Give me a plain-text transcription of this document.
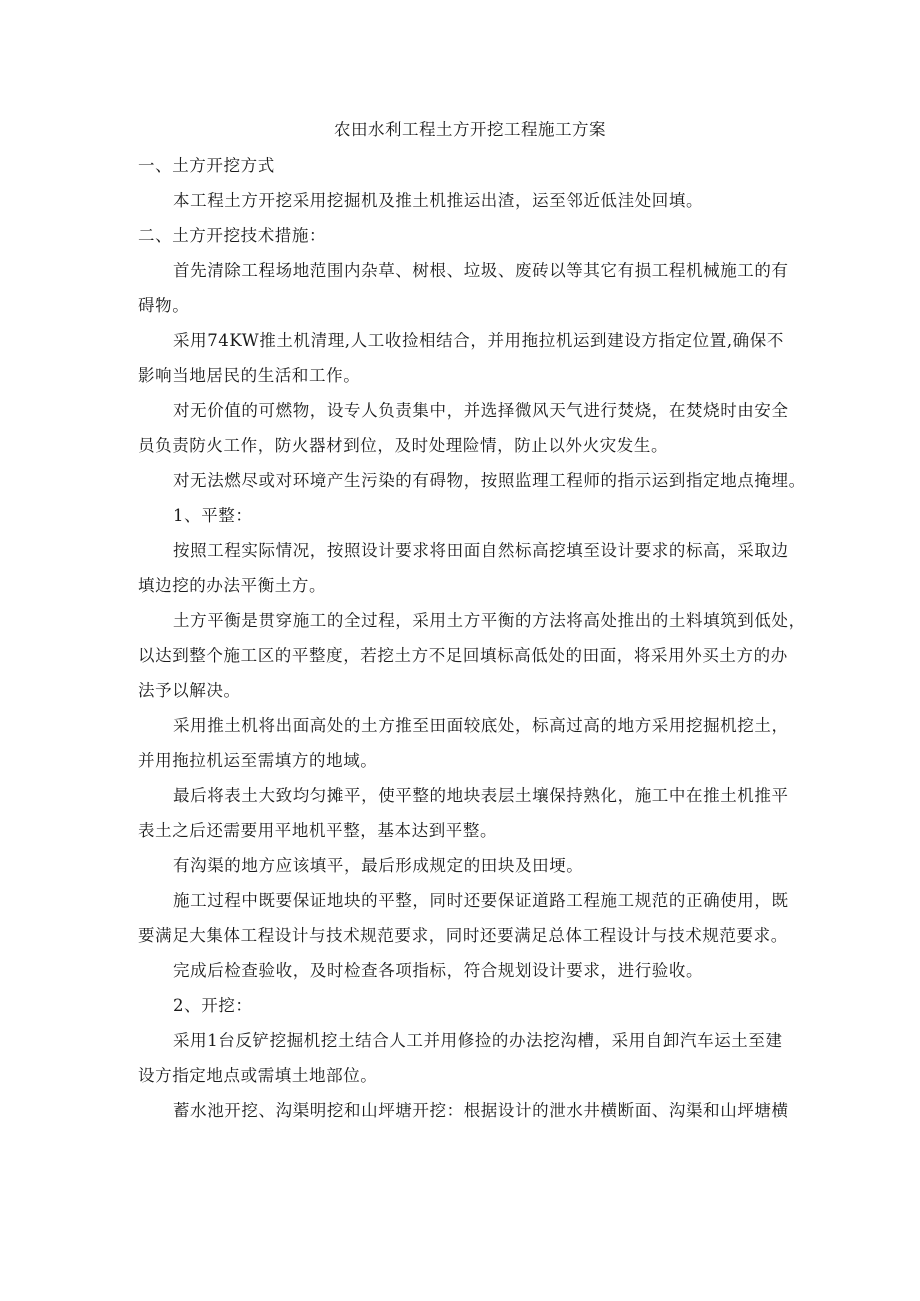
农田水利工程土方开挖工程施工方案

一、土方开挖方式

本工程土方开挖采用挖掘机及推土机推运出渣，运至邻近低洼处回填。

二、土方开挖技术措施：

首先清除工程场地范围内杂草、树根、垃圾、废砖以等其它有损工程机械施工的有

碍物。

采用74KW推土机清理,人工收捡相结合，并用拖拉机运到建设方指定位置,确保不

影响当地居民的生活和工作。

对无价值的可燃物，设专人负责集中，并选择微风天气进行焚烧，在焚烧时由安全

员负责防火工作，防火器材到位，及时处理险情，防止以外火灾发生。

对无法燃尽或对环境产生污染的有碍物，按照监理工程师的指示运到指定地点掩埋。

1、平整：

按照工程实际情况，按照设计要求将田面自然标高挖填至设计要求的标高，采取边

填边挖的办法平衡土方。

土方平衡是贯穿施工的全过程，采用土方平衡的方法将高处推出的土料填筑到低处，

以达到整个施工区的平整度，若挖土方不足回填标高低处的田面，将采用外买土方的办

法予以解决。

采用推土机将出面高处的土方推至田面较底处，标高过高的地方采用挖掘机挖土，

并用拖拉机运至需填方的地域。

最后将表土大致均匀摊平，使平整的地块表层土壤保持熟化，施工中在推土机推平

表土之后还需要用平地机平整，基本达到平整。

有沟渠的地方应该填平，最后形成规定的田块及田埂。

施工过程中既要保证地块的平整，同时还要保证道路工程施工规范的正确使用，既

要满足大集体工程设计与技术规范要求，同时还要满足总体工程设计与技术规范要求。

完成后检查验收，及时检查各项指标，符合规划设计要求，进行验收。

2、开挖：

采用1台反铲挖掘机挖土结合人工并用修捡的办法挖沟槽，采用自卸汽车运土至建

设方指定地点或需填土地部位。

蓄水池开挖、沟渠明挖和山坪塘开挖：根据设计的泄水井横断面、沟渠和山坪塘横
